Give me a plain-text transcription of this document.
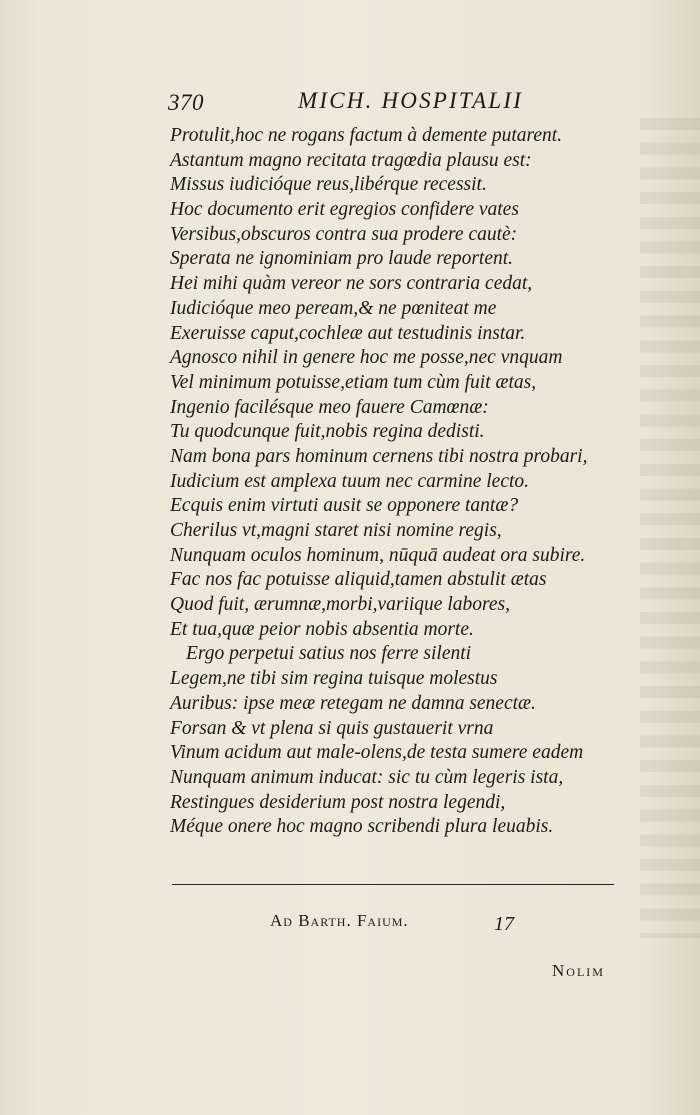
370	MICH. HOSPITALII
Protulit,hoc ne rogans factum à demente putarent.
Astantum magno recitata tragœdia plausu est:
Missus iudicióque reus,libérque recessit.
Hoc documento erit egregios confidere vates
Versibus,obscuros contra sua prodere cautè:
Sperata ne ignominiam pro laude reportent.
Hei mihi quàm vereor ne sors contraria cedat,
Iudicióque meo peream,& ne pœniteat me
Exeruisse caput,cochleæ aut testudinis instar.
Agnosco nihil in genere hoc me posse,nec vnquam
Vel minimum potuisse,etiam tum cùm fuit ætas,
Ingenio facilésque meo fauere Camœnæ:
Tu quodcunque fuit,nobis regina dedisti.
Nam bona pars hominum cernens tibi nostra probari,
Iudicium est amplexa tuum nec carmine lecto.
Ecquis enim virtuti ausit se opponere tantæ?
Cherilus vt,magni staret nisi nomine regis,
Nunquam oculos hominum, nūquā audeat ora subire.
Fac nos fac potuisse aliquid,tamen abstulit ætas
Quod fuit, ærumnæ,morbi,variique labores,
Et tua,quæ peior nobis absentia morte.
Ergo perpetui satius nos ferre silenti
Legem,ne tibi sim regina tuisque molestus
Auribus: ipse meæ retegam ne damna senectæ.
Forsan & vt plena si quis gustauerit vrna
Vinum acidum aut male-olens,de testa sumere eadem
Nunquam animum inducat: sic tu cùm legeris ista,
Restingues desiderium post nostra legendi,
Méque onere hoc magno scribendi plura leuabis.
Ad Barth. Faium.	17
Nolim
